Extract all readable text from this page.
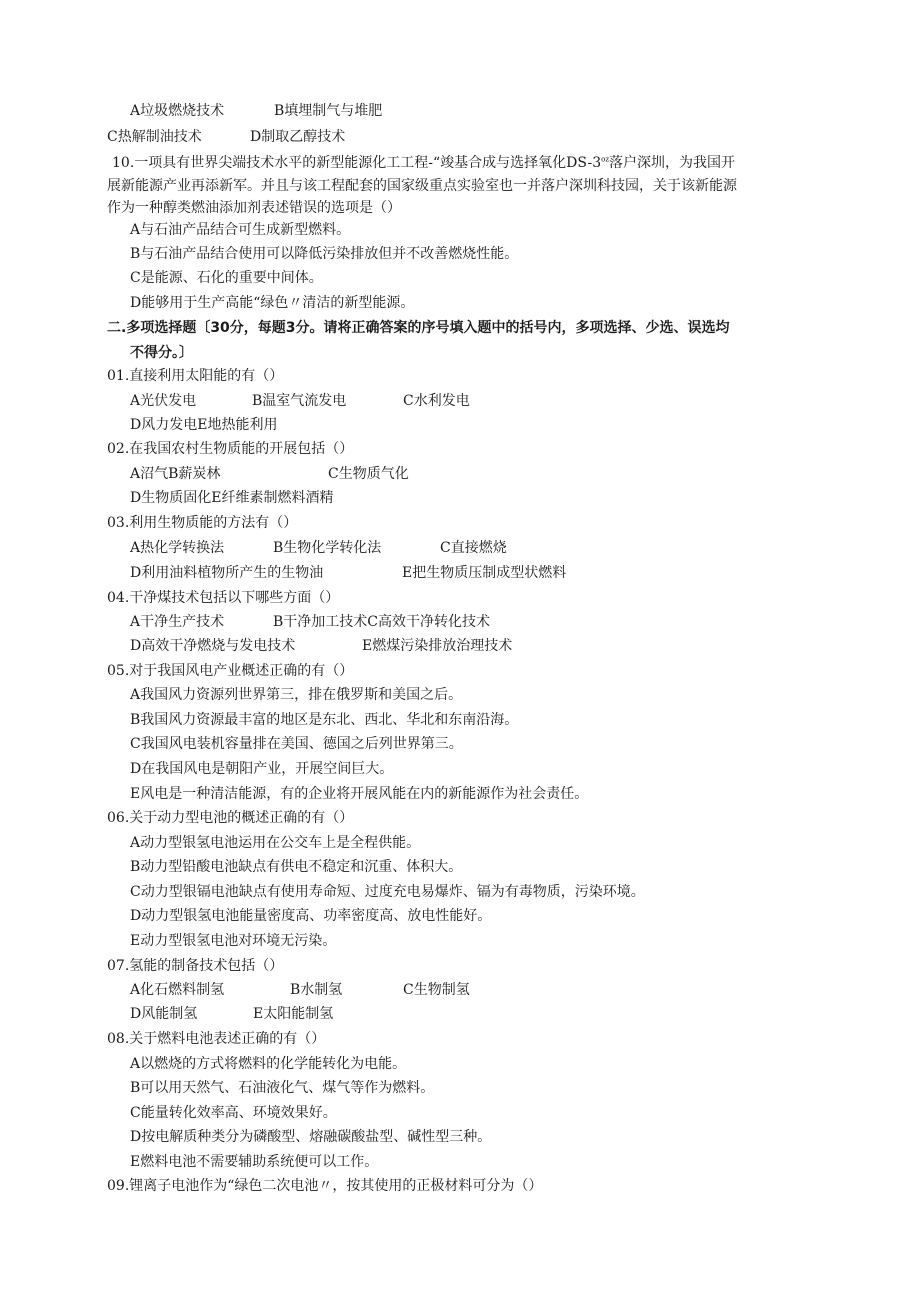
A垃圾燃烧技术	B填埋制气与堆肥
C热解制油技术	D制取乙醇技术
10.一项具有世界尖端技术水平的新型能源化工工程-“竣基合成与选择氧化$DS-3^{oz}$落户深圳，为我国开
展新能源产业再添新军。并且与该工程配套的国家级重点实验室也一并落户深圳科技园，关于该新能源
作为一种醇类燃油添加剂表述错误的选项是（）
A与石油产品结合可生成新型燃料。
B与石油产品结合使用可以降低污染排放但并不改善燃烧性能。
C是能源、石化的重要中间体。
D能够用于生产高能“绿色〃清洁的新型能源。
二.多项选择题〔30分，每题3分。请将正确答案的序号填入题中的括号内，多项选择、少选、误选均
不得分。〕
01.直接利用太阳能的有（）
A光伏发电	B温室气流发电	C水利发电
D风力发电E地热能利用
02.在我国农村生物质能的开展包括（）
A沼气B薪炭林	C生物质气化
D生物质固化E纤维素制燃料酒精
03.利用生物质能的方法有（）
A热化学转换法	B生物化学转化法	C直接燃烧
D利用油料植物所产生的生物油	E把生物质压制成型状燃料
04.干净煤技术包括以下哪些方面（）
A干净生产技术	B干净加工技术C高效干净转化技术
D高效干净燃烧与发电技术	E燃煤污染排放治理技术
05.对于我国风电产业概述正确的有（）
A我国风力资源列世界第三，排在俄罗斯和美国之后。
B我国风力资源最丰富的地区是东北、西北、华北和东南沿海。
C我国风电装机容量排在美国、德国之后列世界第三。
D在我国风电是朝阳产业，开展空间巨大。
E风电是一种清洁能源，有的企业将开展风能在内的新能源作为社会责任。
06.关于动力型电池的概述正确的有（）
A动力型银氢电池运用在公交车上是全程供能。
B动力型铅酸电池缺点有供电不稳定和沉重、体积大。
C动力型银镉电池缺点有使用寿命短、过度充电易爆炸、镉为有毒物质，污染环境。
D动力型银氢电池能量密度高、功率密度高、放电性能好。
E动力型银氢电池对环境无污染。
07.氢能的制备技术包括（）
A化石燃料制氢	B水制氢	C生物制氢
D风能制氢	E太阳能制氢
08.关于燃料电池表述正确的有（）
A以燃烧的方式将燃料的化学能转化为电能。
B可以用天然气、石油液化气、煤气等作为燃料。
C能量转化效率高、环境效果好。
D按电解质种类分为磷酸型、熔融碳酸盐型、碱性型三种。
E燃料电池不需要辅助系统便可以工作。
09.锂离子电池作为“绿色二次电池〃，按其使用的正极材料可分为（）
